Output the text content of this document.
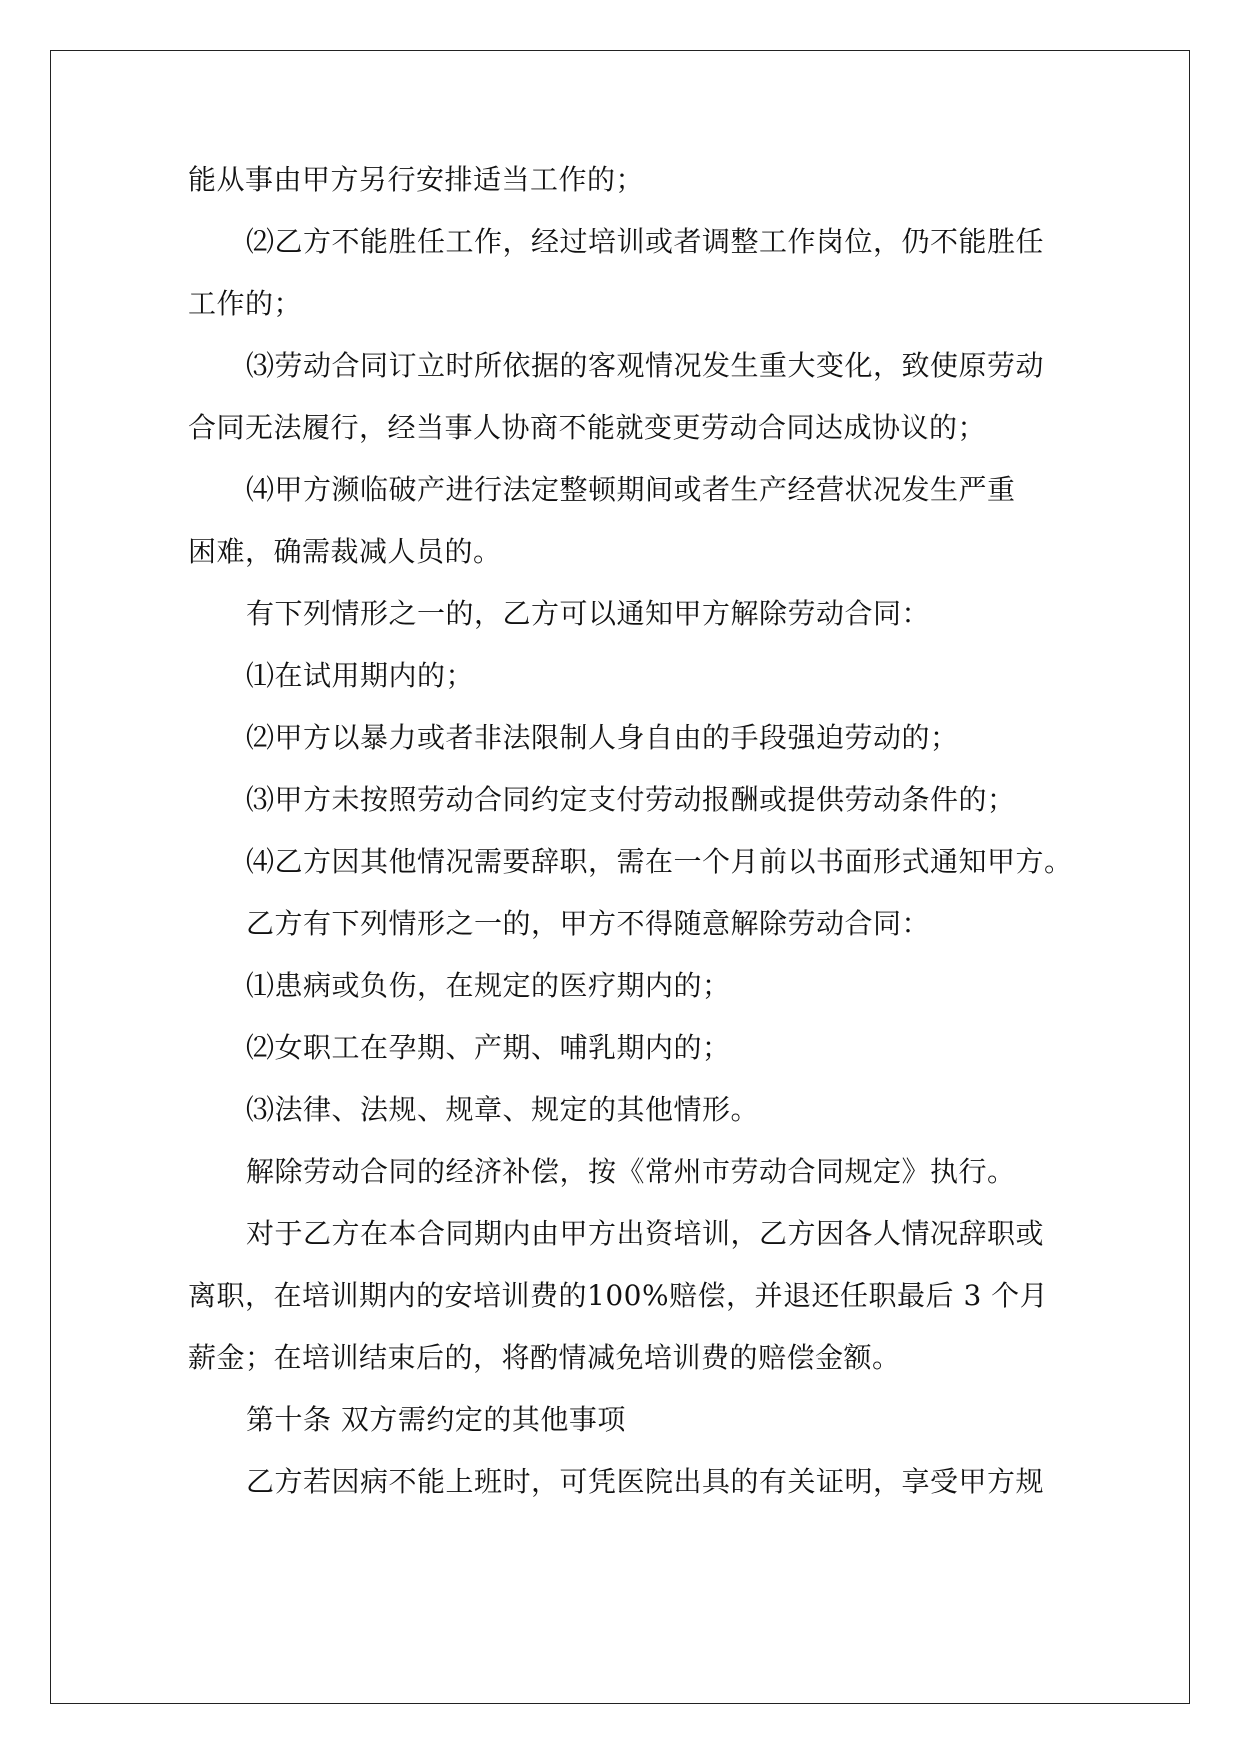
能从事由甲方另行安排适当工作的；
⑵乙方不能胜任工作，经过培训或者调整工作岗位，仍不能胜任
工作的；
⑶劳动合同订立时所依据的客观情况发生重大变化，致使原劳动
合同无法履行，经当事人协商不能就变更劳动合同达成协议的；
⑷甲方濒临破产进行法定整顿期间或者生产经营状况发生严重
困难，确需裁减人员的。
有下列情形之一的，乙方可以通知甲方解除劳动合同：
⑴在试用期内的；
⑵甲方以暴力或者非法限制人身自由的手段强迫劳动的；
⑶甲方未按照劳动合同约定支付劳动报酬或提供劳动条件的；
⑷乙方因其他情况需要辞职，需在一个月前以书面形式通知甲方。
乙方有下列情形之一的，甲方不得随意解除劳动合同：
⑴患病或负伤，在规定的医疗期内的；
⑵女职工在孕期、产期、哺乳期内的；
⑶法律、法规、规章、规定的其他情形。
解除劳动合同的经济补偿，按《常州市劳动合同规定》执行。
对于乙方在本合同期内由甲方出资培训，乙方因各人情况辞职或
离职，在培训期内的安培训费的100%赔偿，并退还任职最后 3 个月
薪金；在培训结束后的，将酌情减免培训费的赔偿金额。
第十条 双方需约定的其他事项
乙方若因病不能上班时，可凭医院出具的有关证明，享受甲方规
